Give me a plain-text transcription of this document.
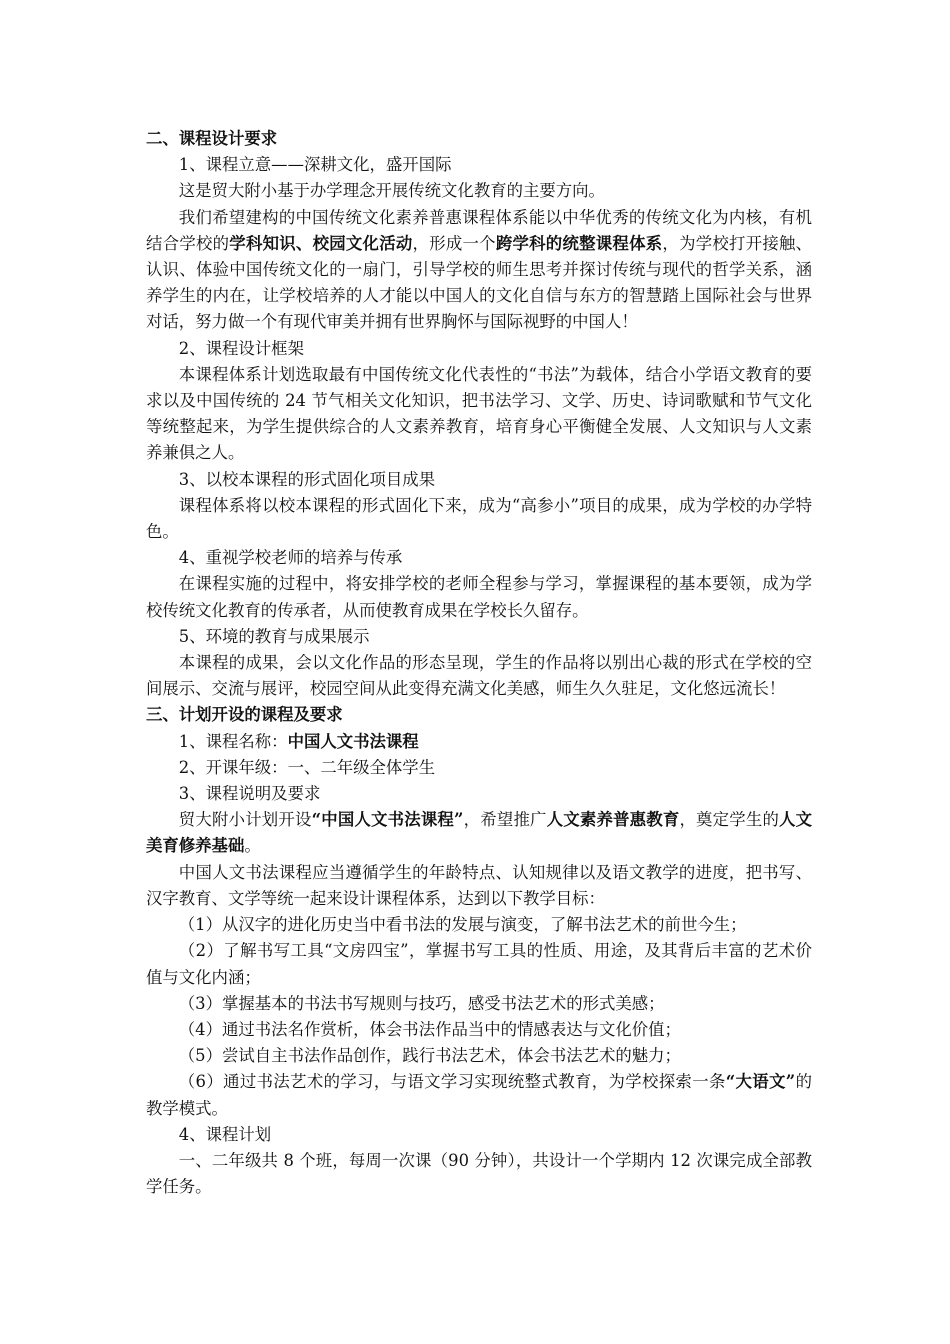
二、课程设计要求

1、课程立意——深耕文化，盛开国际

这是贸大附小基于办学理念开展传统文化教育的主要方向。

我们希望建构的中国传统文化素养普惠课程体系能以中华优秀的传统文化为内核，有机结合学校的学科知识、校园文化活动，形成一个跨学科的统整课程体系，为学校打开接触、认识、体验中国传统文化的一扇门，引导学校的师生思考并探讨传统与现代的哲学关系，涵养学生的内在，让学校培养的人才能以中国人的文化自信与东方的智慧踏上国际社会与世界对话，努力做一个有现代审美并拥有世界胸怀与国际视野的中国人！

2、课程设计框架

本课程体系计划选取最有中国传统文化代表性的“书法”为载体，结合小学语文教育的要求以及中国传统的 24 节气相关文化知识，把书法学习、文学、历史、诗词歌赋和节气文化等统整起来，为学生提供综合的人文素养教育，培育身心平衡健全发展、人文知识与人文素养兼俱之人。

3、以校本课程的形式固化项目成果

课程体系将以校本课程的形式固化下来，成为“高参小”项目的成果，成为学校的办学特色。

4、重视学校老师的培养与传承

在课程实施的过程中，将安排学校的老师全程参与学习，掌握课程的基本要领，成为学校传统文化教育的传承者，从而使教育成果在学校长久留存。

5、环境的教育与成果展示

本课程的成果，会以文化作品的形态呈现，学生的作品将以别出心裁的形式在学校的空间展示、交流与展评，校园空间从此变得充满文化美感，师生久久驻足，文化悠远流长！

三、计划开设的课程及要求

1、课程名称：中国人文书法课程

2、开课年级：一、二年级全体学生

3、课程说明及要求

贸大附小计划开设“中国人文书法课程”，希望推广人文素养普惠教育，奠定学生的人文美育修养基础。

中国人文书法课程应当遵循学生的年龄特点、认知规律以及语文教学的进度，把书写、汉字教育、文学等统一起来设计课程体系，达到以下教学目标：

（1）从汉字的进化历史当中看书法的发展与演变，了解书法艺术的前世今生；

（2）了解书写工具“文房四宝”，掌握书写工具的性质、用途，及其背后丰富的艺术价值与文化内涵；

（3）掌握基本的书法书写规则与技巧，感受书法艺术的形式美感；

（4）通过书法名作赏析，体会书法作品当中的情感表达与文化价值；

（5）尝试自主书法作品创作，践行书法艺术，体会书法艺术的魅力；

（6）通过书法艺术的学习，与语文学习实现统整式教育，为学校探索一条“大语文”的教学模式。

4、课程计划

一、二年级共 8 个班，每周一次课（90 分钟），共设计一个学期内 12 次课完成全部教学任务。
